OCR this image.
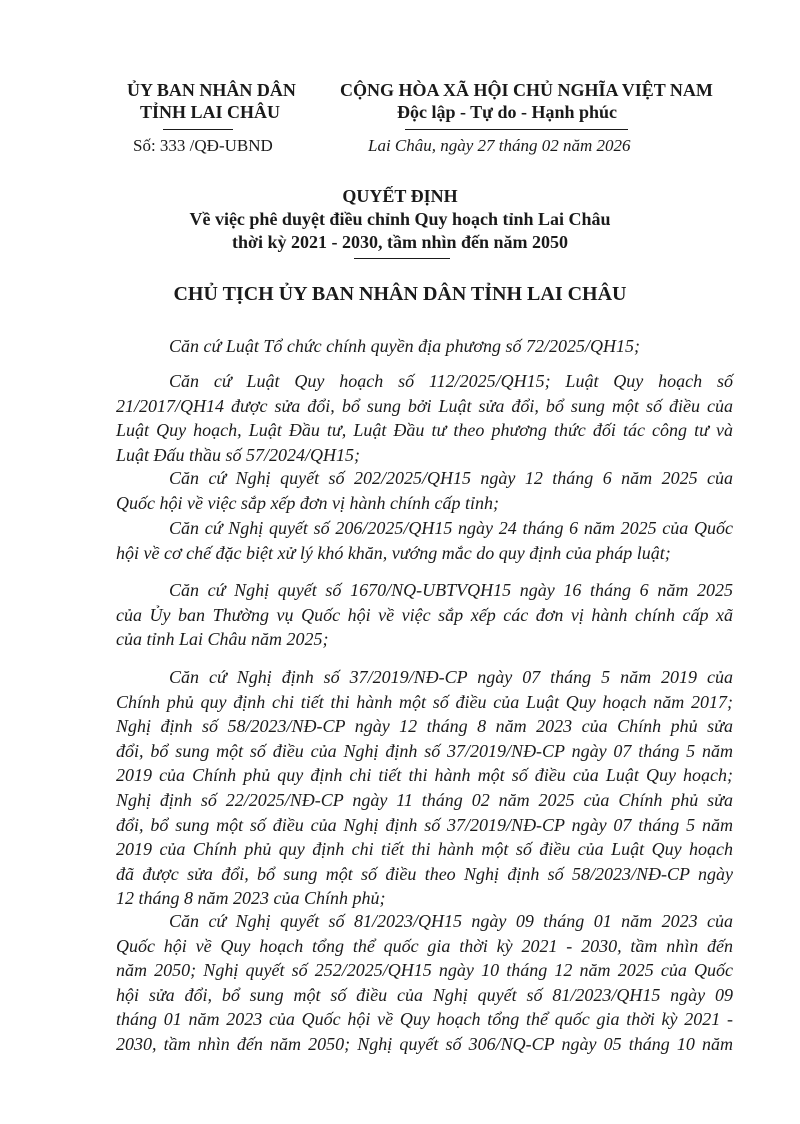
ỦY BAN NHÂN DÂN
TỈNH LAI CHÂU
CỘNG HÒA XÃ HỘI CHỦ NGHĨA VIỆT NAM
Độc lập - Tự do - Hạnh phúc
Số: 333 /QĐ-UBND	Lai Châu, ngày 27 tháng 02 năm 2026
QUYẾT ĐỊNH
Về việc phê duyệt điều chỉnh Quy hoạch tỉnh Lai Châu
thời kỳ 2021 - 2030, tầm nhìn đến năm 2050
CHỦ TỊCH ỦY BAN NHÂN DÂN TỈNH LAI CHÂU
Căn cứ Luật Tổ chức chính quyền địa phương số 72/2025/QH15;
Căn cứ Luật Quy hoạch số 112/2025/QH15; Luật Quy hoạch số
21/2017/QH14 được sửa đổi, bổ sung bởi Luật sửa đổi, bổ sung một số điều của
Luật Quy hoạch, Luật Đầu tư, Luật Đầu tư theo phương thức đối tác công tư và
Luật Đấu thầu số 57/2024/QH15;
Căn cứ Nghị quyết số 202/2025/QH15 ngày 12 tháng 6 năm 2025 của
Quốc hội về việc sắp xếp đơn vị hành chính cấp tỉnh;
Căn cứ Nghị quyết số 206/2025/QH15 ngày 24 tháng 6 năm 2025 của Quốc
hội về cơ chế đặc biệt xử lý khó khăn, vướng mắc do quy định của pháp luật;
Căn cứ Nghị quyết số 1670/NQ-UBTVQH15 ngày 16 tháng 6 năm 2025
của Ủy ban Thường vụ Quốc hội về việc sắp xếp các đơn vị hành chính cấp xã
của tỉnh Lai Châu năm 2025;
Căn cứ Nghị định số 37/2019/NĐ-CP ngày 07 tháng 5 năm 2019 của
Chính phủ quy định chi tiết thi hành một số điều của Luật Quy hoạch năm 2017;
Nghị định số 58/2023/NĐ-CP ngày 12 tháng 8 năm 2023 của Chính phủ sửa
đổi, bổ sung một số điều của Nghị định số 37/2019/NĐ-CP ngày 07 tháng 5 năm
2019 của Chính phủ quy định chi tiết thi hành một số điều của Luật Quy hoạch;
Nghị định số 22/2025/NĐ-CP ngày 11 tháng 02 năm 2025 của Chính phủ sửa
đổi, bổ sung một số điều của Nghị định số 37/2019/NĐ-CP ngày 07 tháng 5 năm
2019 của Chính phủ quy định chi tiết thi hành một số điều của Luật Quy hoạch
đã được sửa đổi, bổ sung một số điều theo Nghị định số 58/2023/NĐ-CP ngày
12 tháng 8 năm 2023 của Chính phủ;
Căn cứ Nghị quyết số 81/2023/QH15 ngày 09 tháng 01 năm 2023 của
Quốc hội về Quy hoạch tổng thể quốc gia thời kỳ 2021 - 2030, tầm nhìn đến
năm 2050; Nghị quyết số 252/2025/QH15 ngày 10 tháng 12 năm 2025 của Quốc
hội sửa đổi, bổ sung một số điều của Nghị quyết số 81/2023/QH15 ngày 09
tháng 01 năm 2023 của Quốc hội về Quy hoạch tổng thể quốc gia thời kỳ 2021 -
2030, tầm nhìn đến năm 2050; Nghị quyết số 306/NQ-CP ngày 05 tháng 10 năm
